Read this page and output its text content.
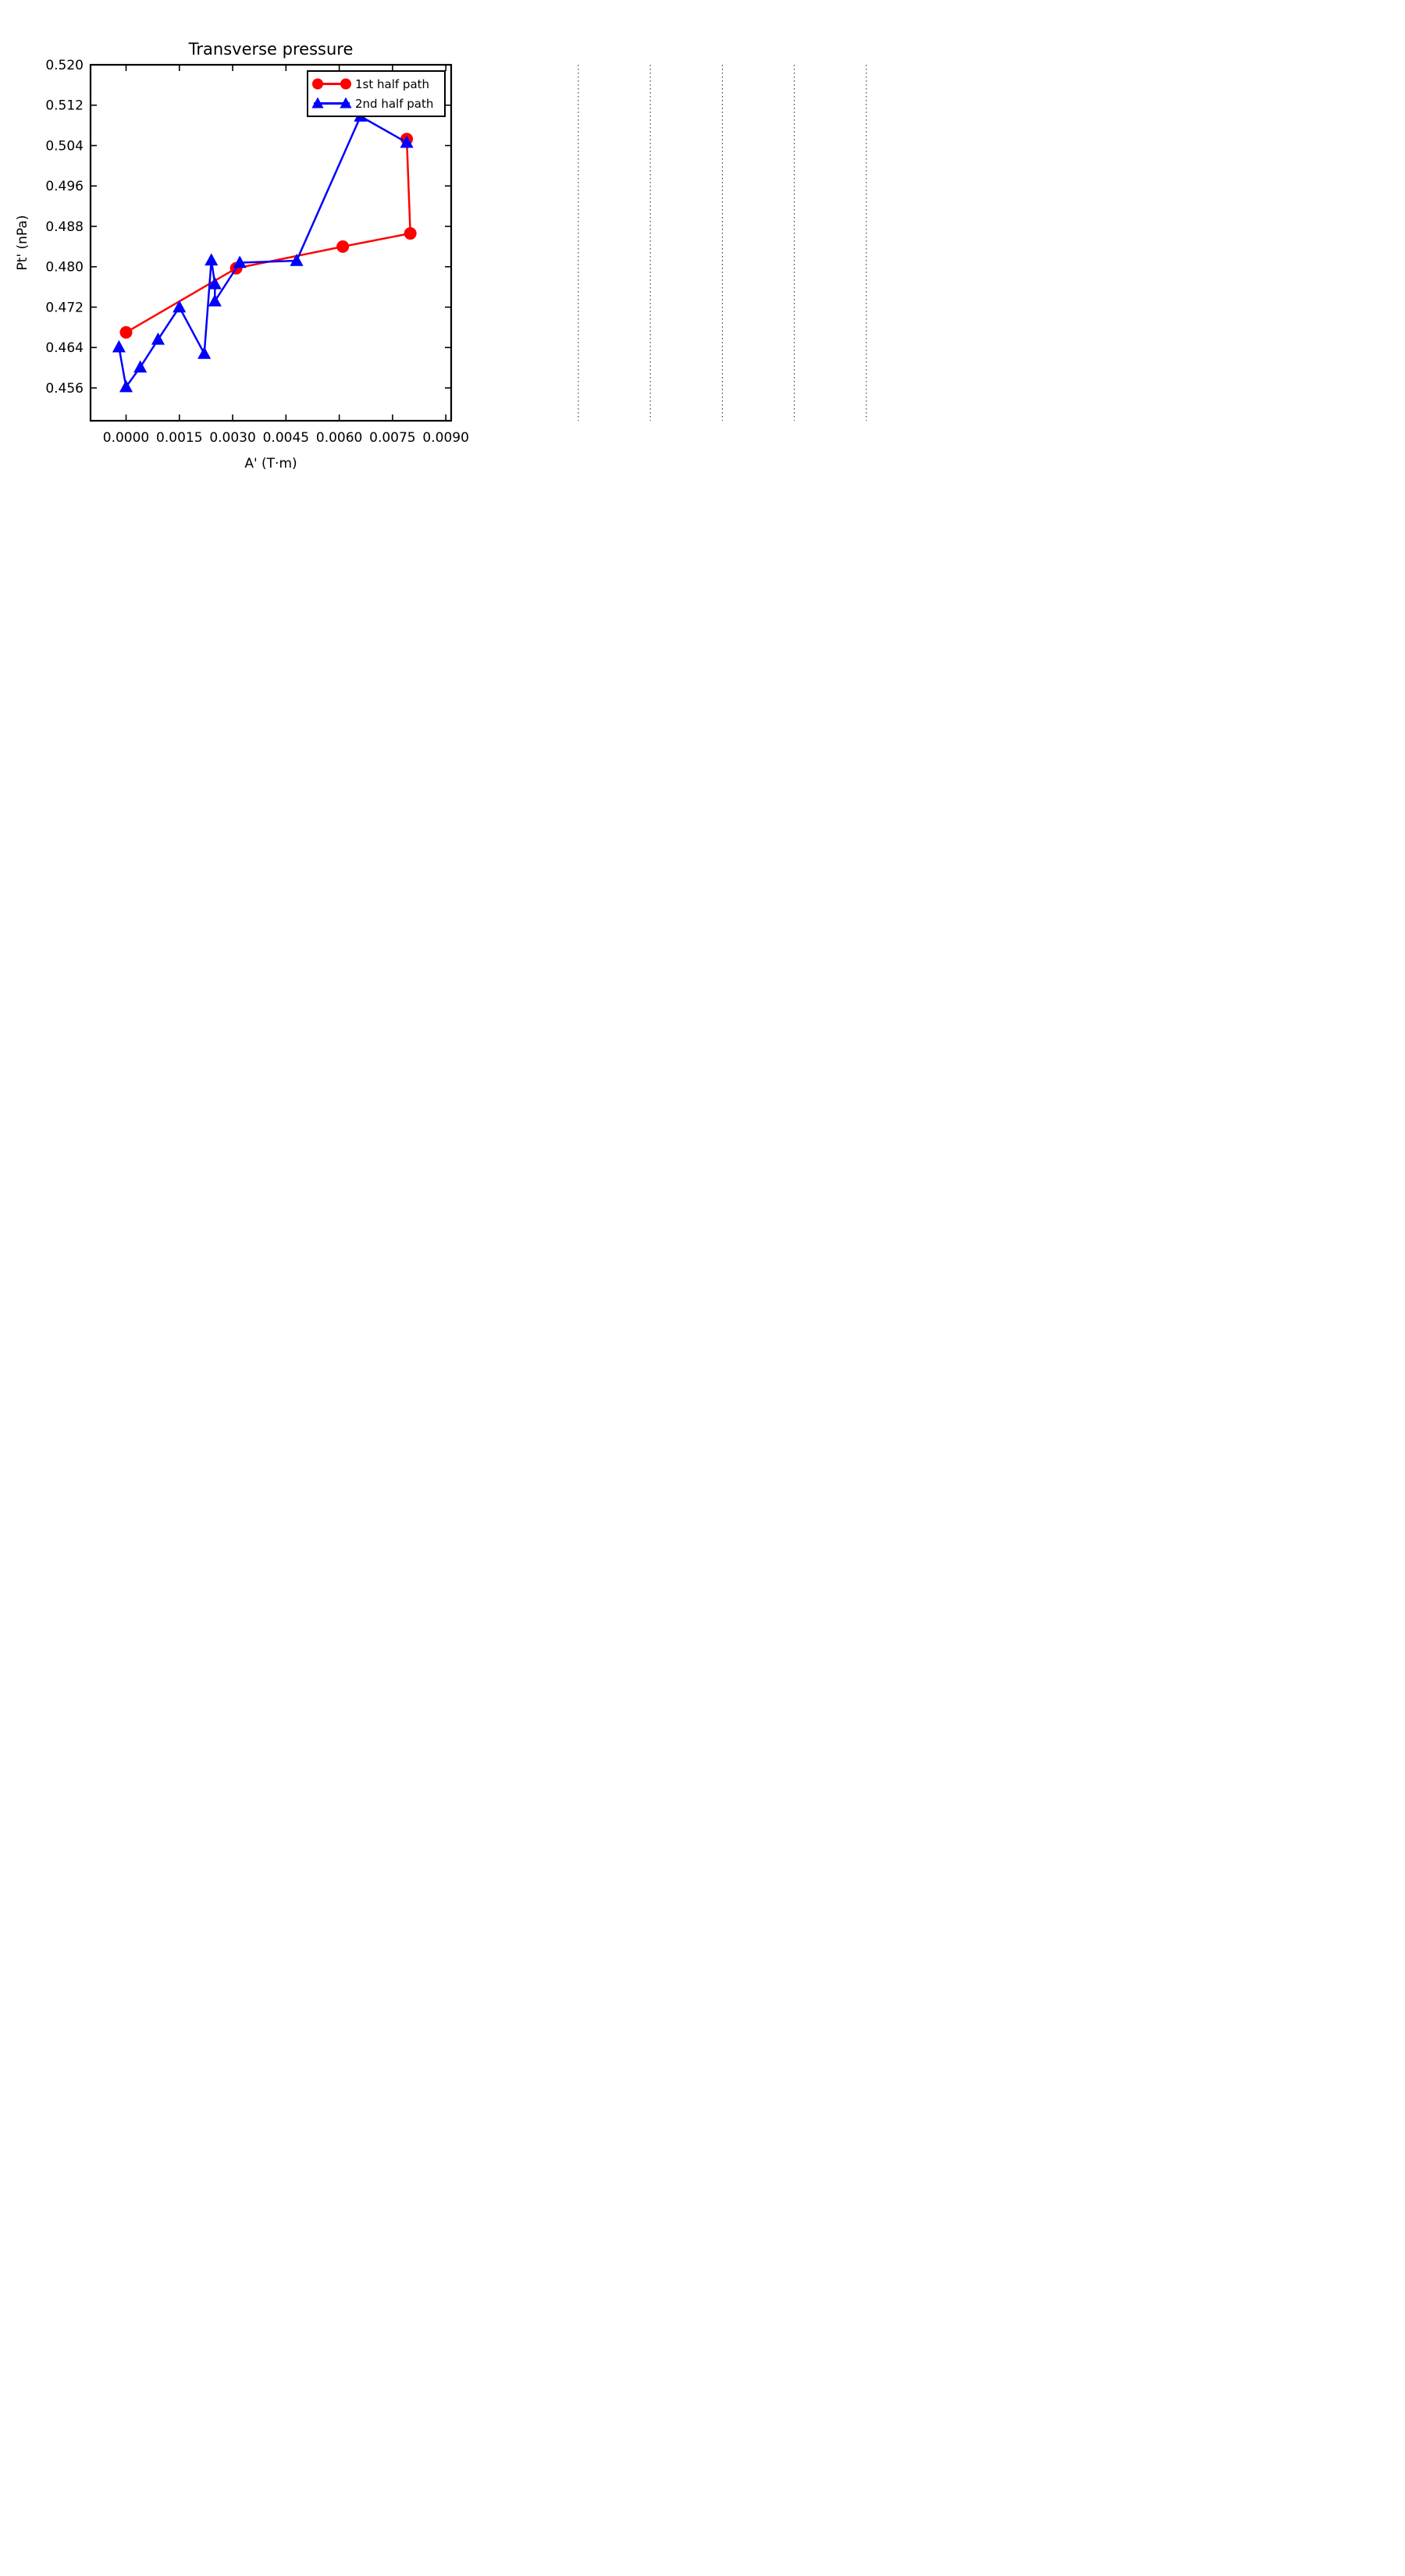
0.0000 0.0015 0.0030 0.0045 0.0060 0.0075 0.0090
0.456
0.464
0.472
0.480
0.488
0.496
0.504
0.512
0.520
Transverse pressure
A' (T·m)
Pt' (nPa)
1st half path
2nd half path
